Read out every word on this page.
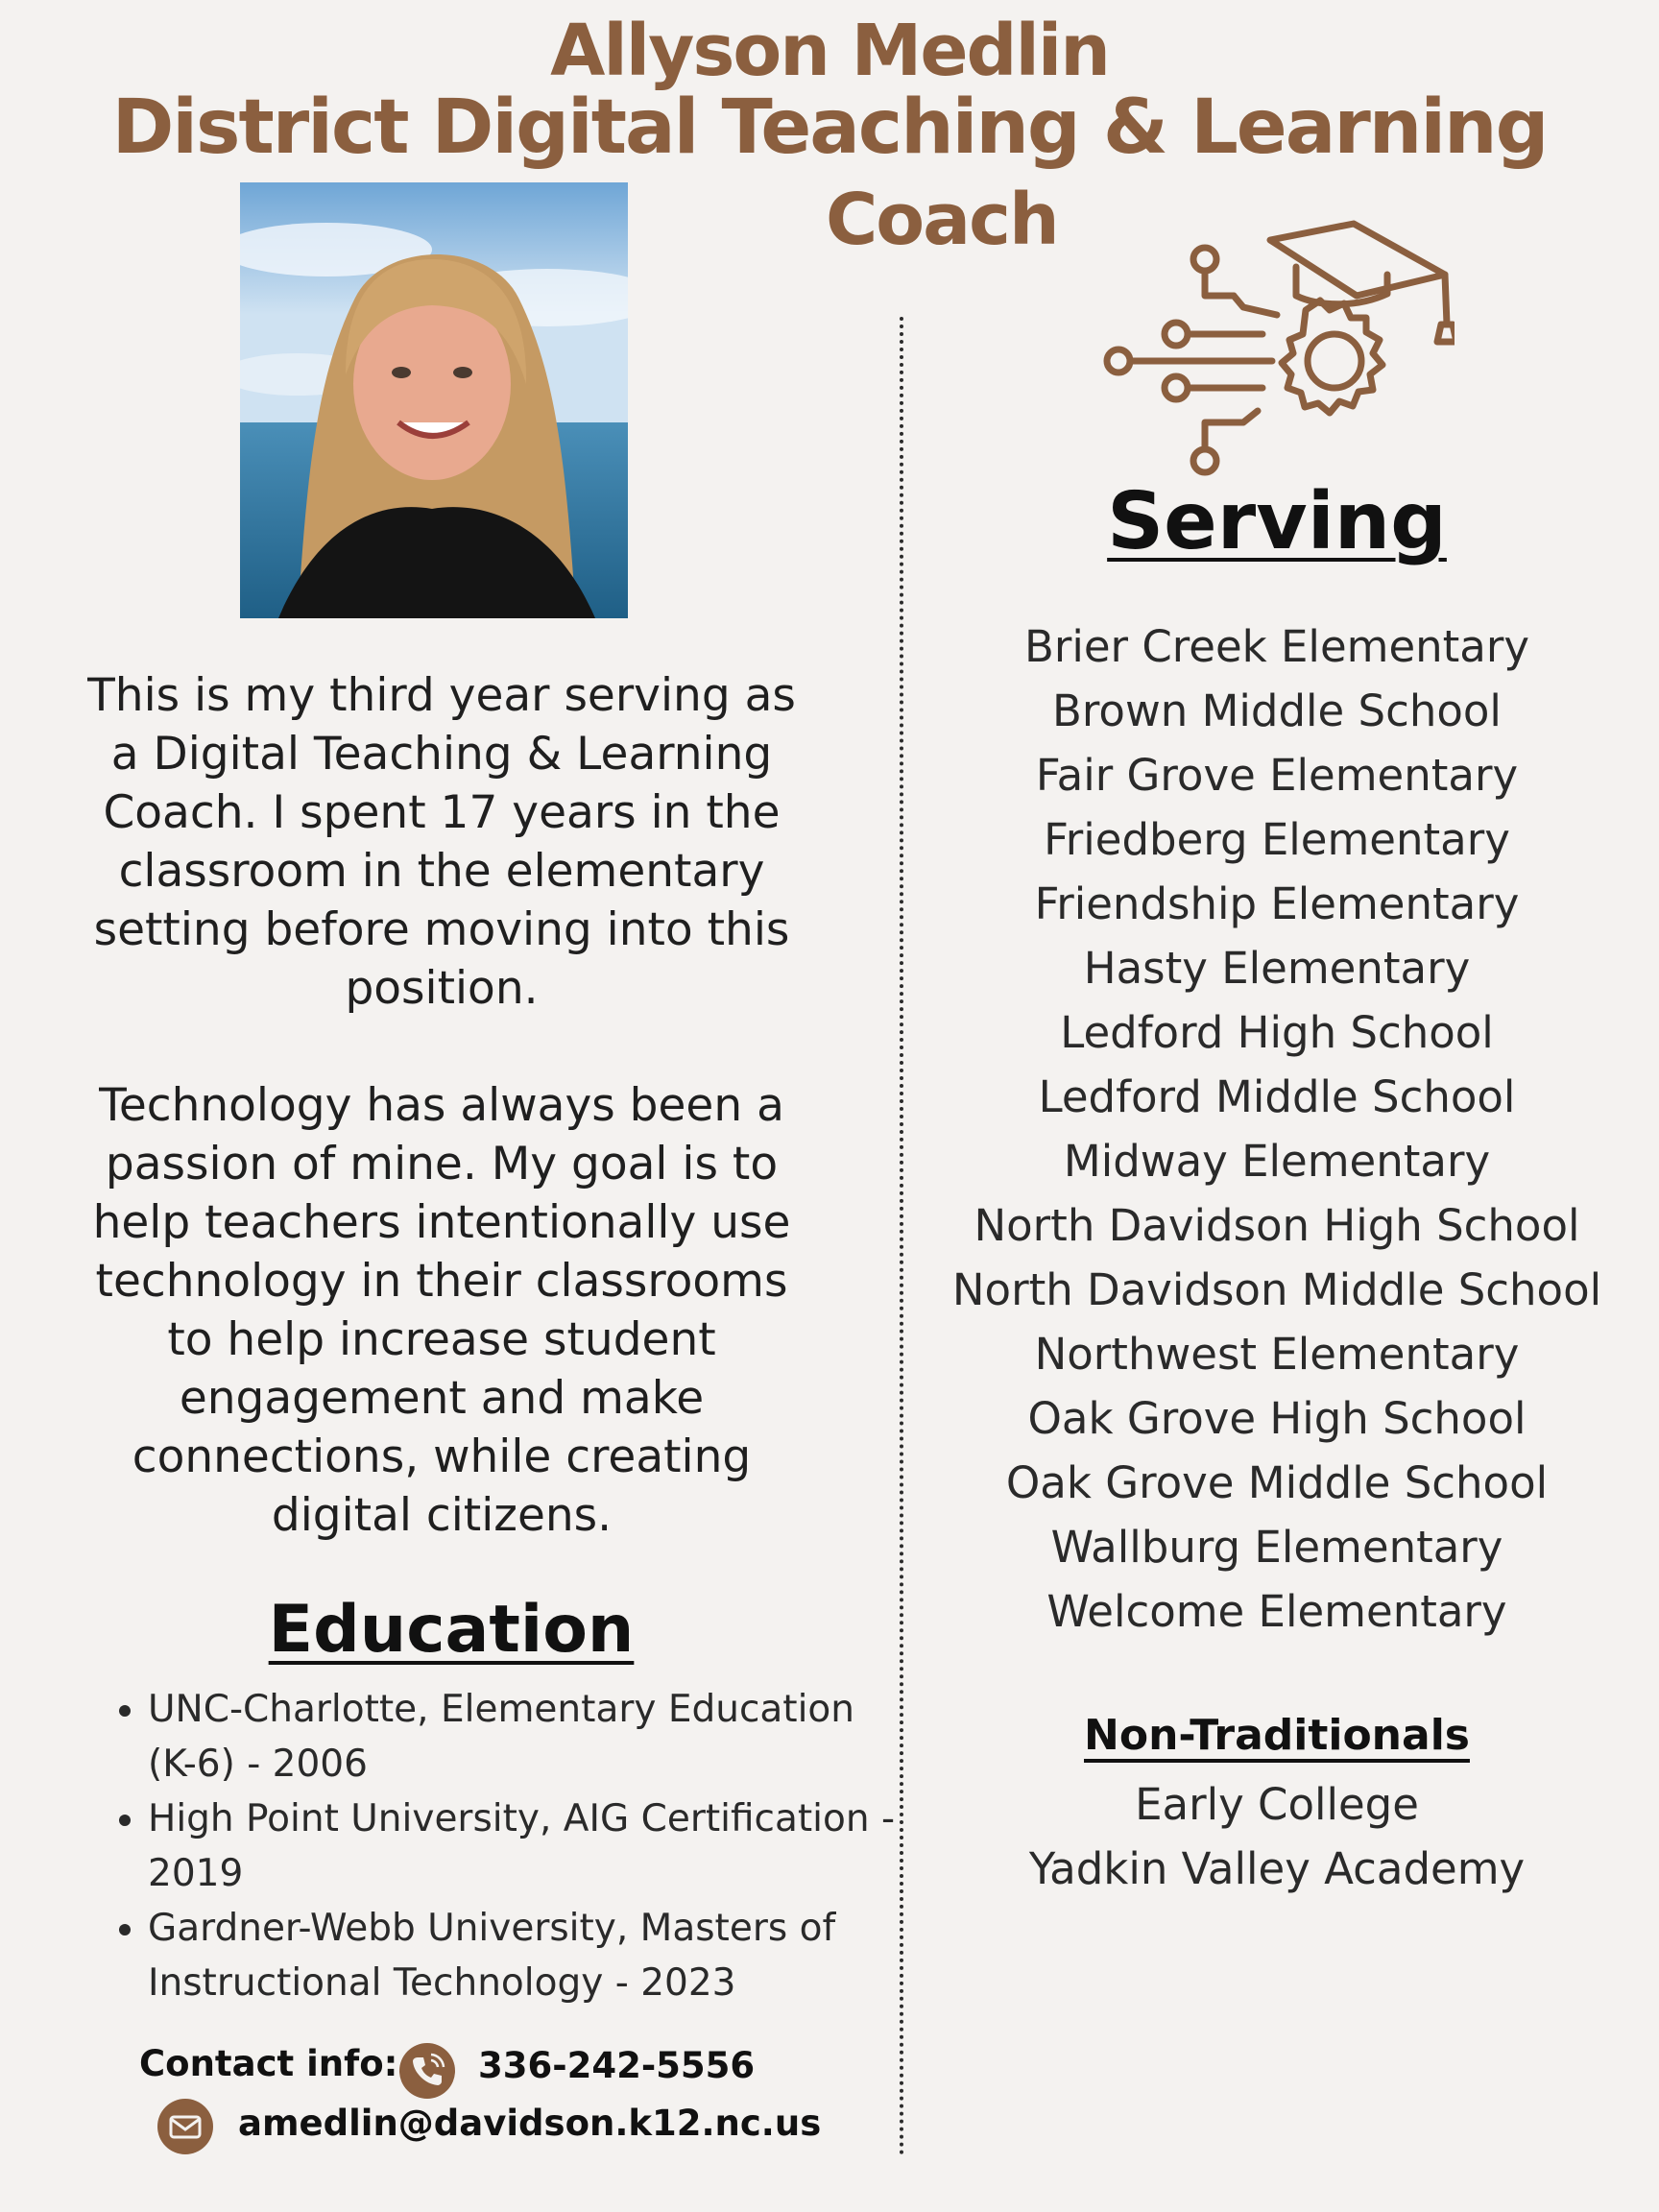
Allyson Medlin
District Digital Teaching & Learning
Coach
This is my third year serving as a Digital Teaching & Learning Coach. I spent 17 years in the classroom in the elementary setting before moving into this position.
Technology has always been a passion of mine. My goal is to help teachers intentionally use technology in their classrooms to help increase student engagement and make connections, while creating digital citizens.
Education
• UNC-Charlotte, Elementary Education (K-6) - 2006
• High Point University, AIG Certification - 2019
• Gardner-Webb University, Masters of Instructional Technology - 2023
Contact info: 336-242-5556
amedlin@davidson.k12.nc.us
Serving
Brier Creek Elementary
Brown Middle School
Fair Grove Elementary
Friedberg Elementary
Friendship Elementary
Hasty Elementary
Ledford High School
Ledford Middle School
Midway Elementary
North Davidson High School
North Davidson Middle School
Northwest Elementary
Oak Grove High School
Oak Grove Middle School
Wallburg Elementary
Welcome Elementary
Non-Traditionals
Early College
Yadkin Valley Academy
